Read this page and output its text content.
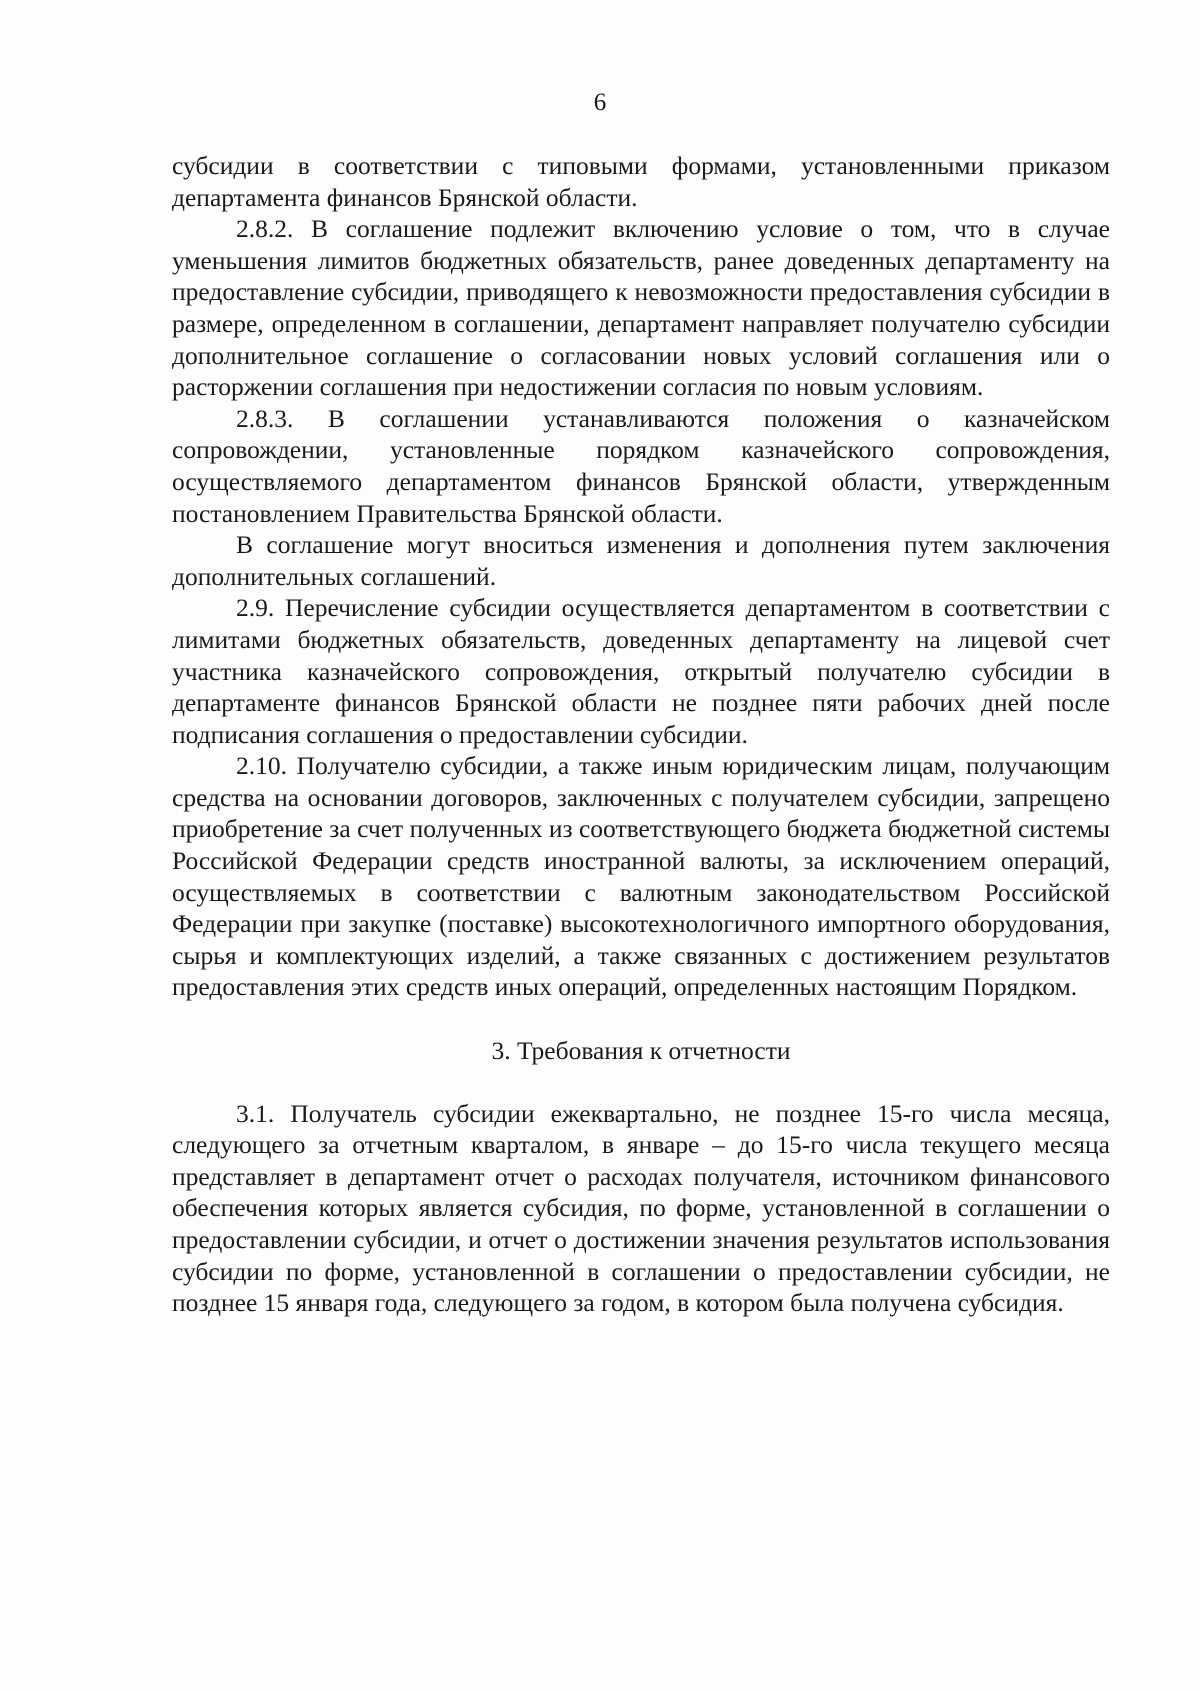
6

субсидии в соответствии с типовыми формами, установленными приказом департамента финансов Брянской области.

2.8.2. В соглашение подлежит включению условие о том, что в случае уменьшения лимитов бюджетных обязательств, ранее доведенных департаменту на предоставление субсидии, приводящего к невозможности предоставления субсидии в размере, определенном в соглашении, департамент направляет получателю субсидии дополнительное соглашение о согласовании новых условий соглашения или о расторжении соглашения при недостижении согласия по новым условиям.

2.8.3. В соглашении устанавливаются положения о казначейском сопровождении, установленные порядком казначейского сопровождения, осуществляемого департаментом финансов Брянской области, утвержденным постановлением Правительства Брянской области.

В соглашение могут вноситься изменения и дополнения путем заключения дополнительных соглашений.

2.9. Перечисление субсидии осуществляется департаментом в соответствии с лимитами бюджетных обязательств, доведенных департаменту на лицевой счет участника казначейского сопровождения, открытый получателю субсидии в департаменте финансов Брянской области не позднее пяти рабочих дней после подписания соглашения о предоставлении субсидии.

2.10. Получателю субсидии, а также иным юридическим лицам, получающим средства на основании договоров, заключенных с получателем субсидии, запрещено приобретение за счет полученных из соответствующего бюджета бюджетной системы Российской Федерации средств иностранной валюты, за исключением операций, осуществляемых в соответствии с валютным законодательством Российской Федерации при закупке (поставке) высокотехнологичного импортного оборудования, сырья и комплектующих изделий, а также связанных с достижением результатов предоставления этих средств иных операций, определенных настоящим Порядком.

3. Требования к отчетности

3.1. Получатель субсидии ежеквартально, не позднее 15-го числа месяца, следующего за отчетным кварталом, в январе – до 15-го числа текущего месяца представляет в департамент отчет о расходах получателя, источником финансового обеспечения которых является субсидия, по форме, установленной в соглашении о предоставлении субсидии, и отчет о достижении значения результатов использования субсидии по форме, установленной в соглашении о предоставлении субсидии, не позднее 15 января года, следующего за годом, в котором была получена субсидия.
